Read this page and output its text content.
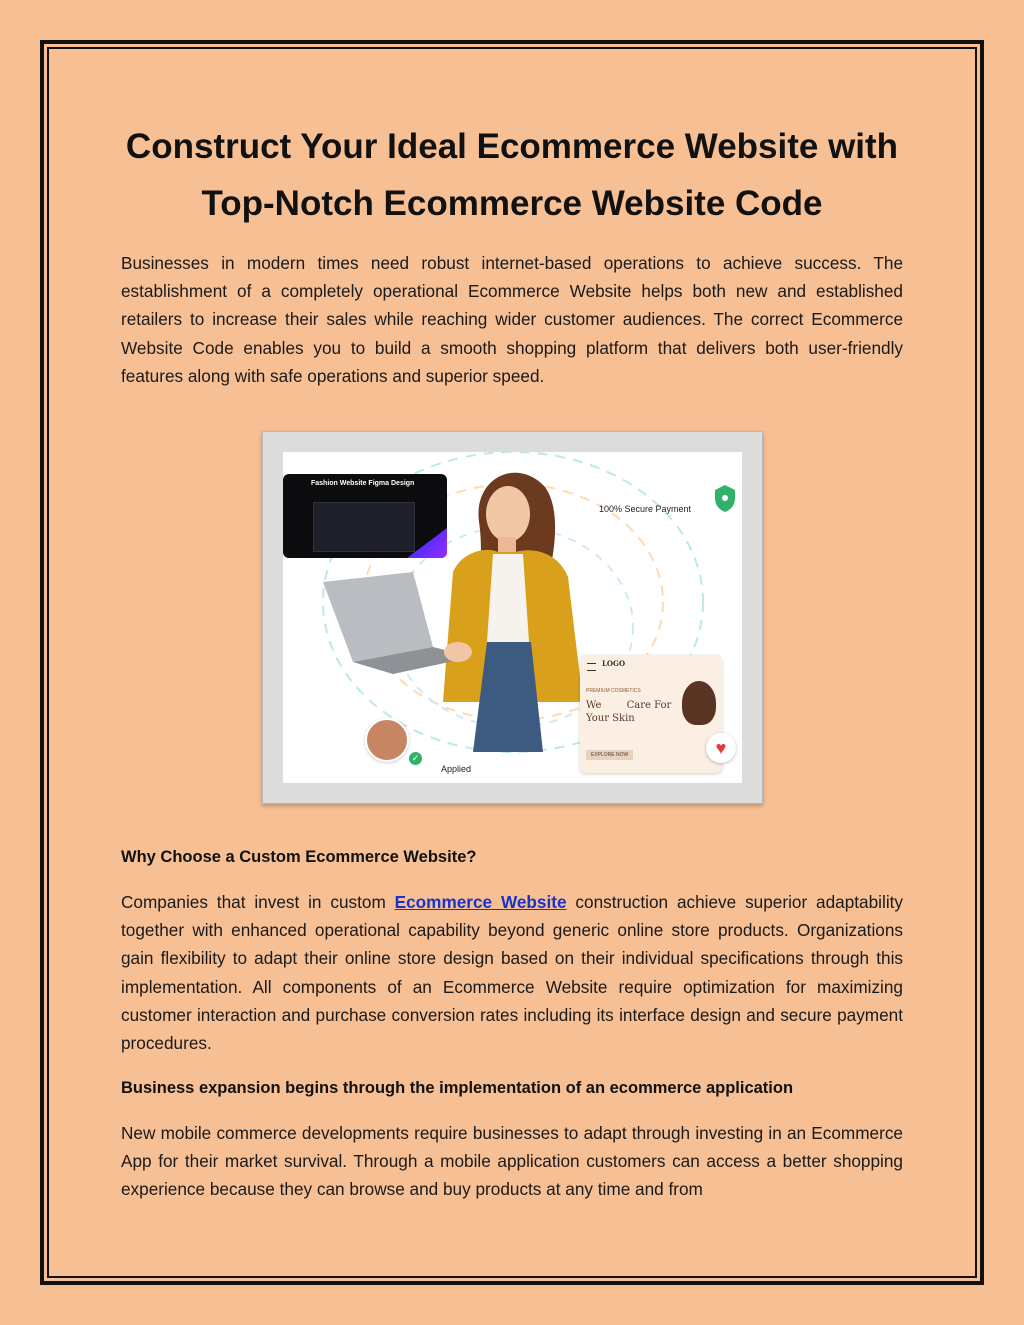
Construct Your Ideal Ecommerce Website with
Top-Notch Ecommerce Website Code

Businesses in modern times need robust internet-based operations to achieve success. The establishment of a completely operational Ecommerce Website helps both new and established retailers to increase their sales while reaching wider customer audiences. The correct Ecommerce Website Code enables you to build a smooth shopping platform that delivers both user-friendly features along with safe operations and superior speed.

Fashion Website Figma Design
100% Secure Payment
LOGO
PREMIUM COSMETICS
We	Care For
Your Skin
EXPLORE NOW	♥
✓
Applied
Why Choose a Custom Ecommerce Website?

Companies that invest in custom Ecommerce Website construction achieve superior adaptability together with enhanced operational capability beyond generic online store products. Organizations gain flexibility to adapt their online store design based on their individual specifications through this implementation. All components of an Ecommerce Website require optimization for maximizing customer interaction and purchase conversion rates including its interface design and secure payment procedures.

Business expansion begins through the implementation of an ecommerce application

New mobile commerce developments require businesses to adapt through investing in an Ecommerce App for their market survival. Through a mobile application customers can access a better shopping experience because they can browse and buy products at any time and from
